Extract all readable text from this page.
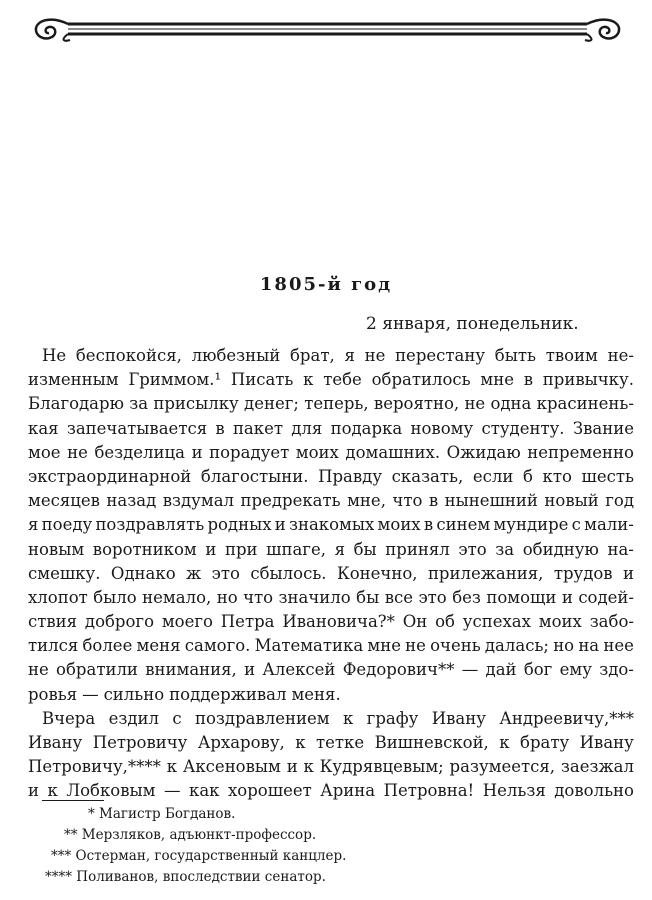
1805-й год
2 января, понедельник.
Не беспокойся, любезный брат, я не перестану быть твоим не-
изменным Гриммом.¹ Писать к тебе обратилось мне в привычку.
Благодарю за присылку денег; теперь, вероятно, не одна красинень-
кая запечатывается в пакет для подарка новому студенту. Звание
мое не безделица и порадует моих домашних. Ожидаю непременно
экстраординарной благостыни. Правду сказать, если б кто шесть
месяцев назад вздумал предрекать мне, что в нынешний новый год
я поеду поздравлять родных и знакомых моих в синем мундире с мали-
новым воротником и при шпаге, я бы принял это за обидную на-
смешку. Однако ж это сбылось. Конечно, прилежания, трудов и
хлопот было немало, но что значило бы все это без помощи и содей-
ствия доброго моего Петра Ивановича?* Он об успехах моих забо-
тился более меня самого. Математика мне не очень далась; но на нее
не обратили внимания, и Алексей Федорович** — дай бог ему здо-
ровья — сильно поддерживал меня.
Вчера ездил с поздравлением к графу Ивану Андреевичу,***
Ивану Петровичу Архарову, к тетке Вишневской, к брату Ивану
Петровичу,**** к Аксеновым и к Кудрявцевым; разумеется, заезжал
и к Лобковым — как хорошеет Арина Петровна! Нельзя довольно
* Магистр Богданов.
** Мерзляков, адъюнкт-профессор.
*** Остерман, государственный канцлер.
**** Поливанов, впоследствии сенатор.
